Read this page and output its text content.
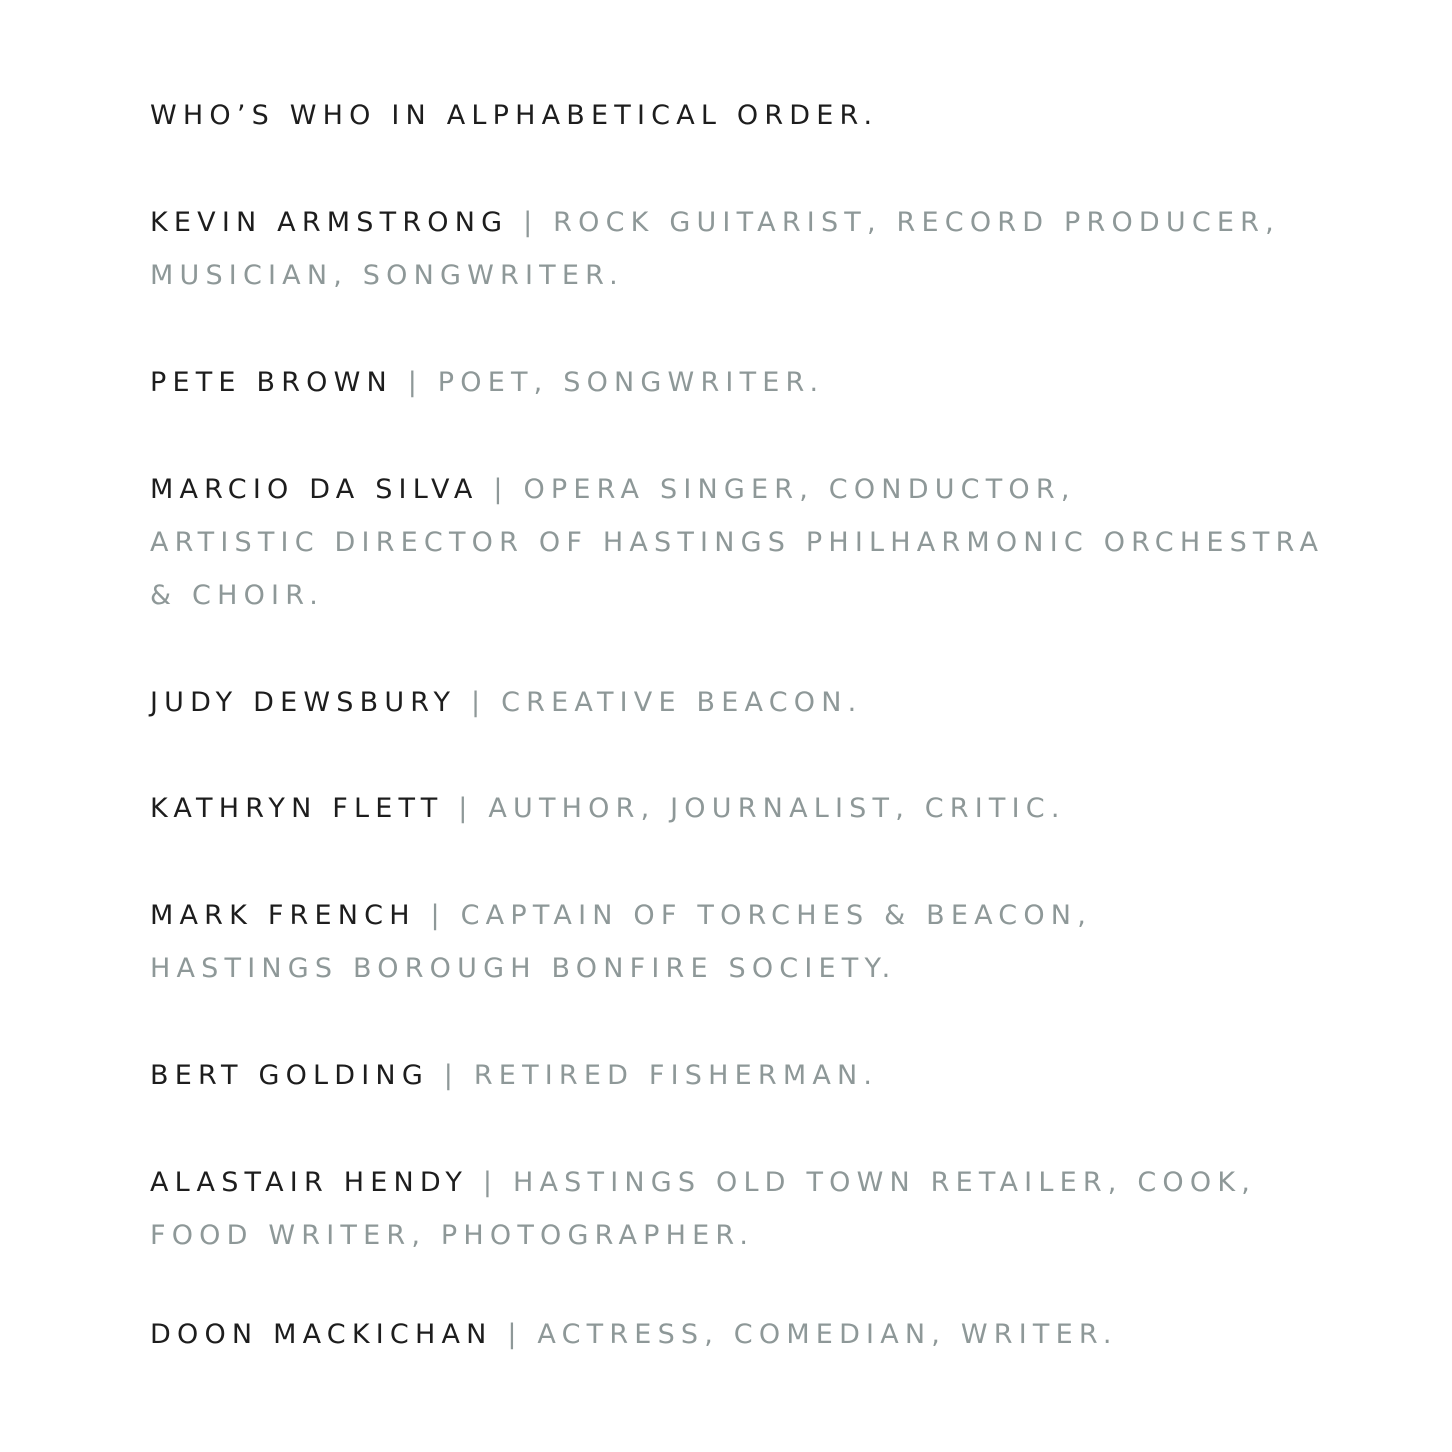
WHO’S WHO IN ALPHABETICAL ORDER.
KEVIN ARMSTRONG | ROCK GUITARIST, RECORD PRODUCER,
MUSICIAN, SONGWRITER.
PETE BROWN | POET, SONGWRITER.
MARCIO DA SILVA | OPERA SINGER, CONDUCTOR,
ARTISTIC DIRECTOR OF HASTINGS PHILHARMONIC ORCHESTRA
& CHOIR.
JUDY DEWSBURY | CREATIVE BEACON.
KATHRYN FLETT | AUTHOR, JOURNALIST, CRITIC.
MARK FRENCH | CAPTAIN OF TORCHES & BEACON,
HASTINGS BOROUGH BONFIRE SOCIETY.
BERT GOLDING | RETIRED FISHERMAN.
ALASTAIR HENDY | HASTINGS OLD TOWN RETAILER, COOK,
FOOD WRITER, PHOTOGRAPHER.
DOON MACKICHAN | ACTRESS, COMEDIAN, WRITER.
